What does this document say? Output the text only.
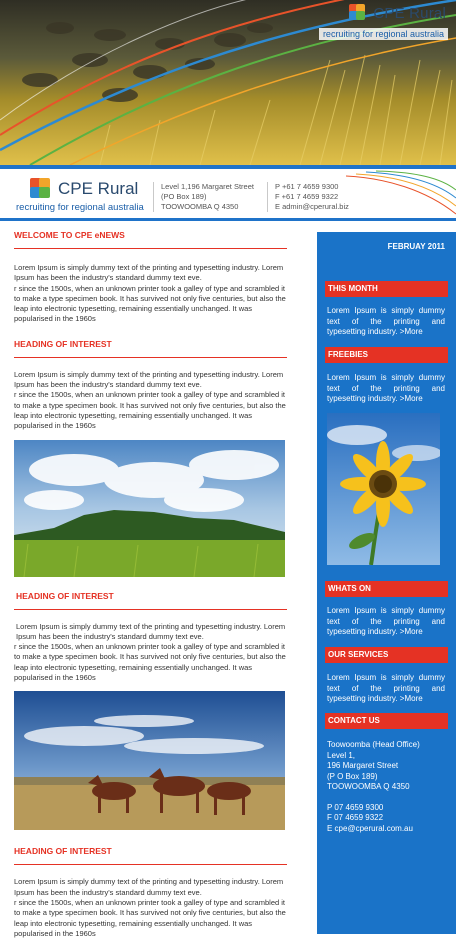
CPE Rural
recruiting for regional australia
CPE Rural
recruiting for regional australia
Level 1,196 Margaret Street
(PO Box 189)
TOOWOOMBA Q 4350
P +61 7 4659 9300
F +61 7 4659 9322
E admin@cperural.biz
WELCOME TO CPE eNEWS
Lorem Ipsum is simply dummy text of the printing and typesetting industry. Lorem Ipsum has been the industry's standard dummy text eve.
r since the 1500s, when an unknown printer took a galley of type and scrambled it to make a type specimen book. It has survived not only five centuries, but also the leap into electronic typesetting, remaining essentially unchanged. It was popularised in the 1960s
HEADING OF INTEREST
Lorem Ipsum is simply dummy text of the printing and typesetting industry. Lorem Ipsum has been the industry's standard dummy text eve.
r since the 1500s, when an unknown printer took a galley of type and scrambled it to make a type specimen book. It has survived not only five centuries, but also the leap into electronic typesetting, remaining essentially unchanged. It was popularised in the 1960s
HEADING OF INTEREST
Lorem Ipsum is simply dummy text of the printing and typesetting industry. Lorem Ipsum has been the industry's standard dummy text eve.
r since the 1500s, when an unknown printer took a galley of type and scrambled it to make a type specimen book. It has survived not only five centuries, but also the leap into electronic typesetting, remaining essentially unchanged. It was popularised in the 1960s
HEADING OF INTEREST
Lorem Ipsum is simply dummy text of the printing and typesetting industry. Lorem Ipsum has been the industry's standard dummy text eve.
r since the 1500s, when an unknown printer took a galley of type and scrambled it to make a type specimen book. It has survived not only five centuries, but also the leap into electronic typesetting, remaining essentially unchanged. It was popularised in the 1960s
FEBRUAY 2011
THIS MONTH
Lorem Ipsum is simply dummy text of the printing and typesetting industry. >More
FREEBIES
Lorem Ipsum is simply dummy text of the printing and typesetting industry. >More
WHATS ON
Lorem Ipsum is simply dummy text of the printing and typesetting industry. >More
OUR SERVICES
Lorem Ipsum is simply dummy text of the printing and typesetting industry. >More
CONTACT US
Toowoomba (Head Office)
Level 1,
196 Margaret Street
(P O Box 189)
TOOWOOMBA Q 4350
P 07 4659 9300
F 07 4659 9322
E cpe@cperural.com.au
